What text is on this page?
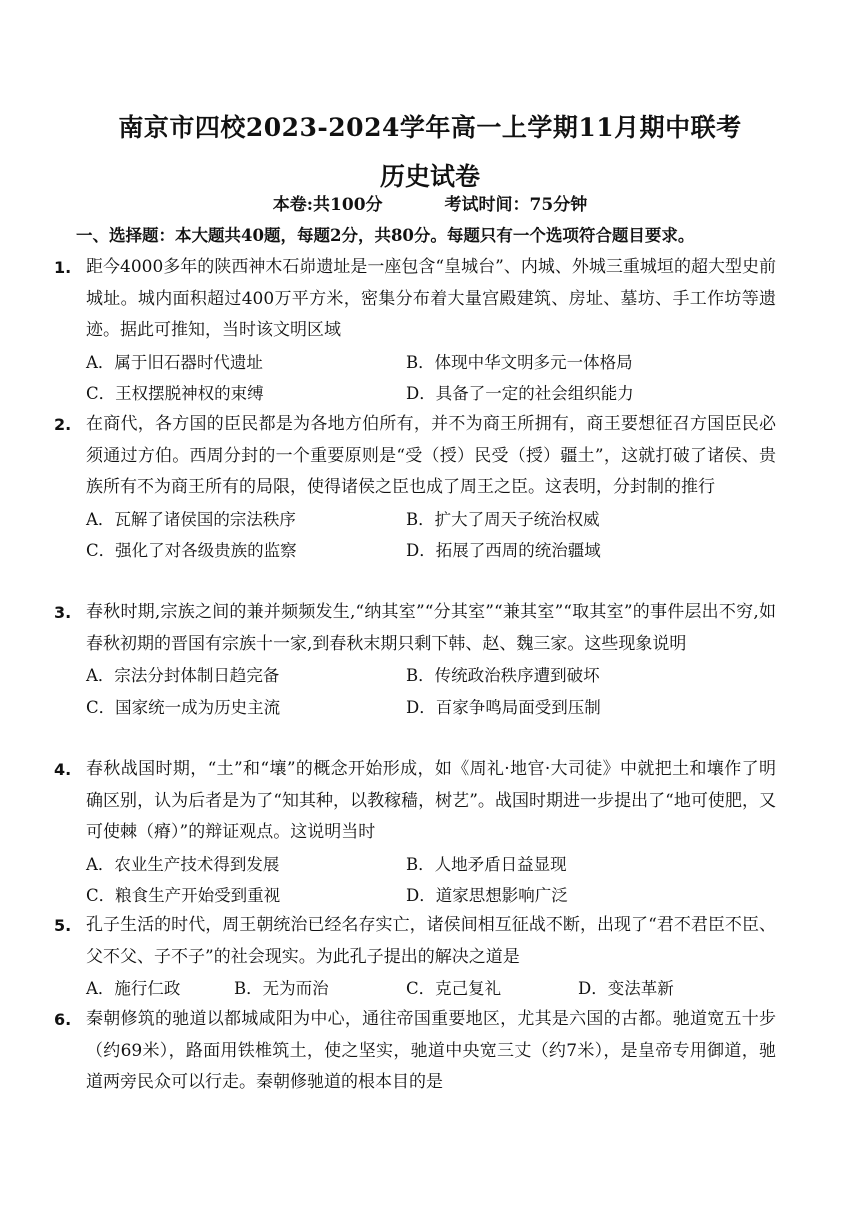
南京市四校2023-2024学年高一上学期11月期中联考
历史试卷
本卷:共100分	考试时间：75分钟
一、选择题：本大题共40题，每题2分，共80分。每题只有一个选项符合题目要求。
1. 距今4000多年的陕西神木石峁遗址是一座包含“皇城台”、内城、外城三重城垣的超大型史前城址。城内面积超过400万平方米，密集分布着大量宫殿建筑、房址、墓坊、手工作坊等遗迹。据此可推知，当时该文明区域
A．属于旧石器时代遗址	B．体现中华文明多元一体格局
C．王权摆脱神权的束缚	D．具备了一定的社会组织能力
2. 在商代，各方国的臣民都是为各地方伯所有，并不为商王所拥有，商王要想征召方国臣民必须通过方伯。西周分封的一个重要原则是“受（授）民受（授）疆土”，这就打破了诸侯、贵族所有不为商王所有的局限，使得诸侯之臣也成了周王之臣。这表明，分封制的推行
A．瓦解了诸侯国的宗法秩序	B．扩大了周天子统治权威
C．强化了对各级贵族的监察	D．拓展了西周的统治疆域
3. 春秋时期,宗族之间的兼并频频发生,“纳其室”“分其室”“兼其室”“取其室”的事件层出不穷,如春秋初期的晋国有宗族十一家,到春秋末期只剩下韩、赵、魏三家。这些现象说明
A．宗法分封体制日趋完备	B．传统政治秩序遭到破坏
C．国家统一成为历史主流	D．百家争鸣局面受到压制
4. 春秋战国时期，“土”和“壤”的概念开始形成，如《周礼·地官·大司徒》中就把土和壤作了明确区别，认为后者是为了“知其种，以教稼穑，树艺”。战国时期进一步提出了“地可使肥，又可使棘（瘠）”的辩证观点。这说明当时
A．农业生产技术得到发展	B．人地矛盾日益显现
C．粮食生产开始受到重视	D．道家思想影响广泛
5. 孔子生活的时代，周王朝统治已经名存实亡，诸侯间相互征战不断，出现了“君不君臣不臣、父不父、子不子”的社会现实。为此孔子提出的解决之道是
A．施行仁政	B．无为而治	C．克己复礼	D．变法革新
6. 秦朝修筑的驰道以都城咸阳为中心，通往帝国重要地区，尤其是六国的古都。驰道宽五十步（约69米），路面用铁椎筑土，使之坚实，驰道中央宽三丈（约7米），是皇帝专用御道，驰道两旁民众可以行走。秦朝修驰道的根本目的是
